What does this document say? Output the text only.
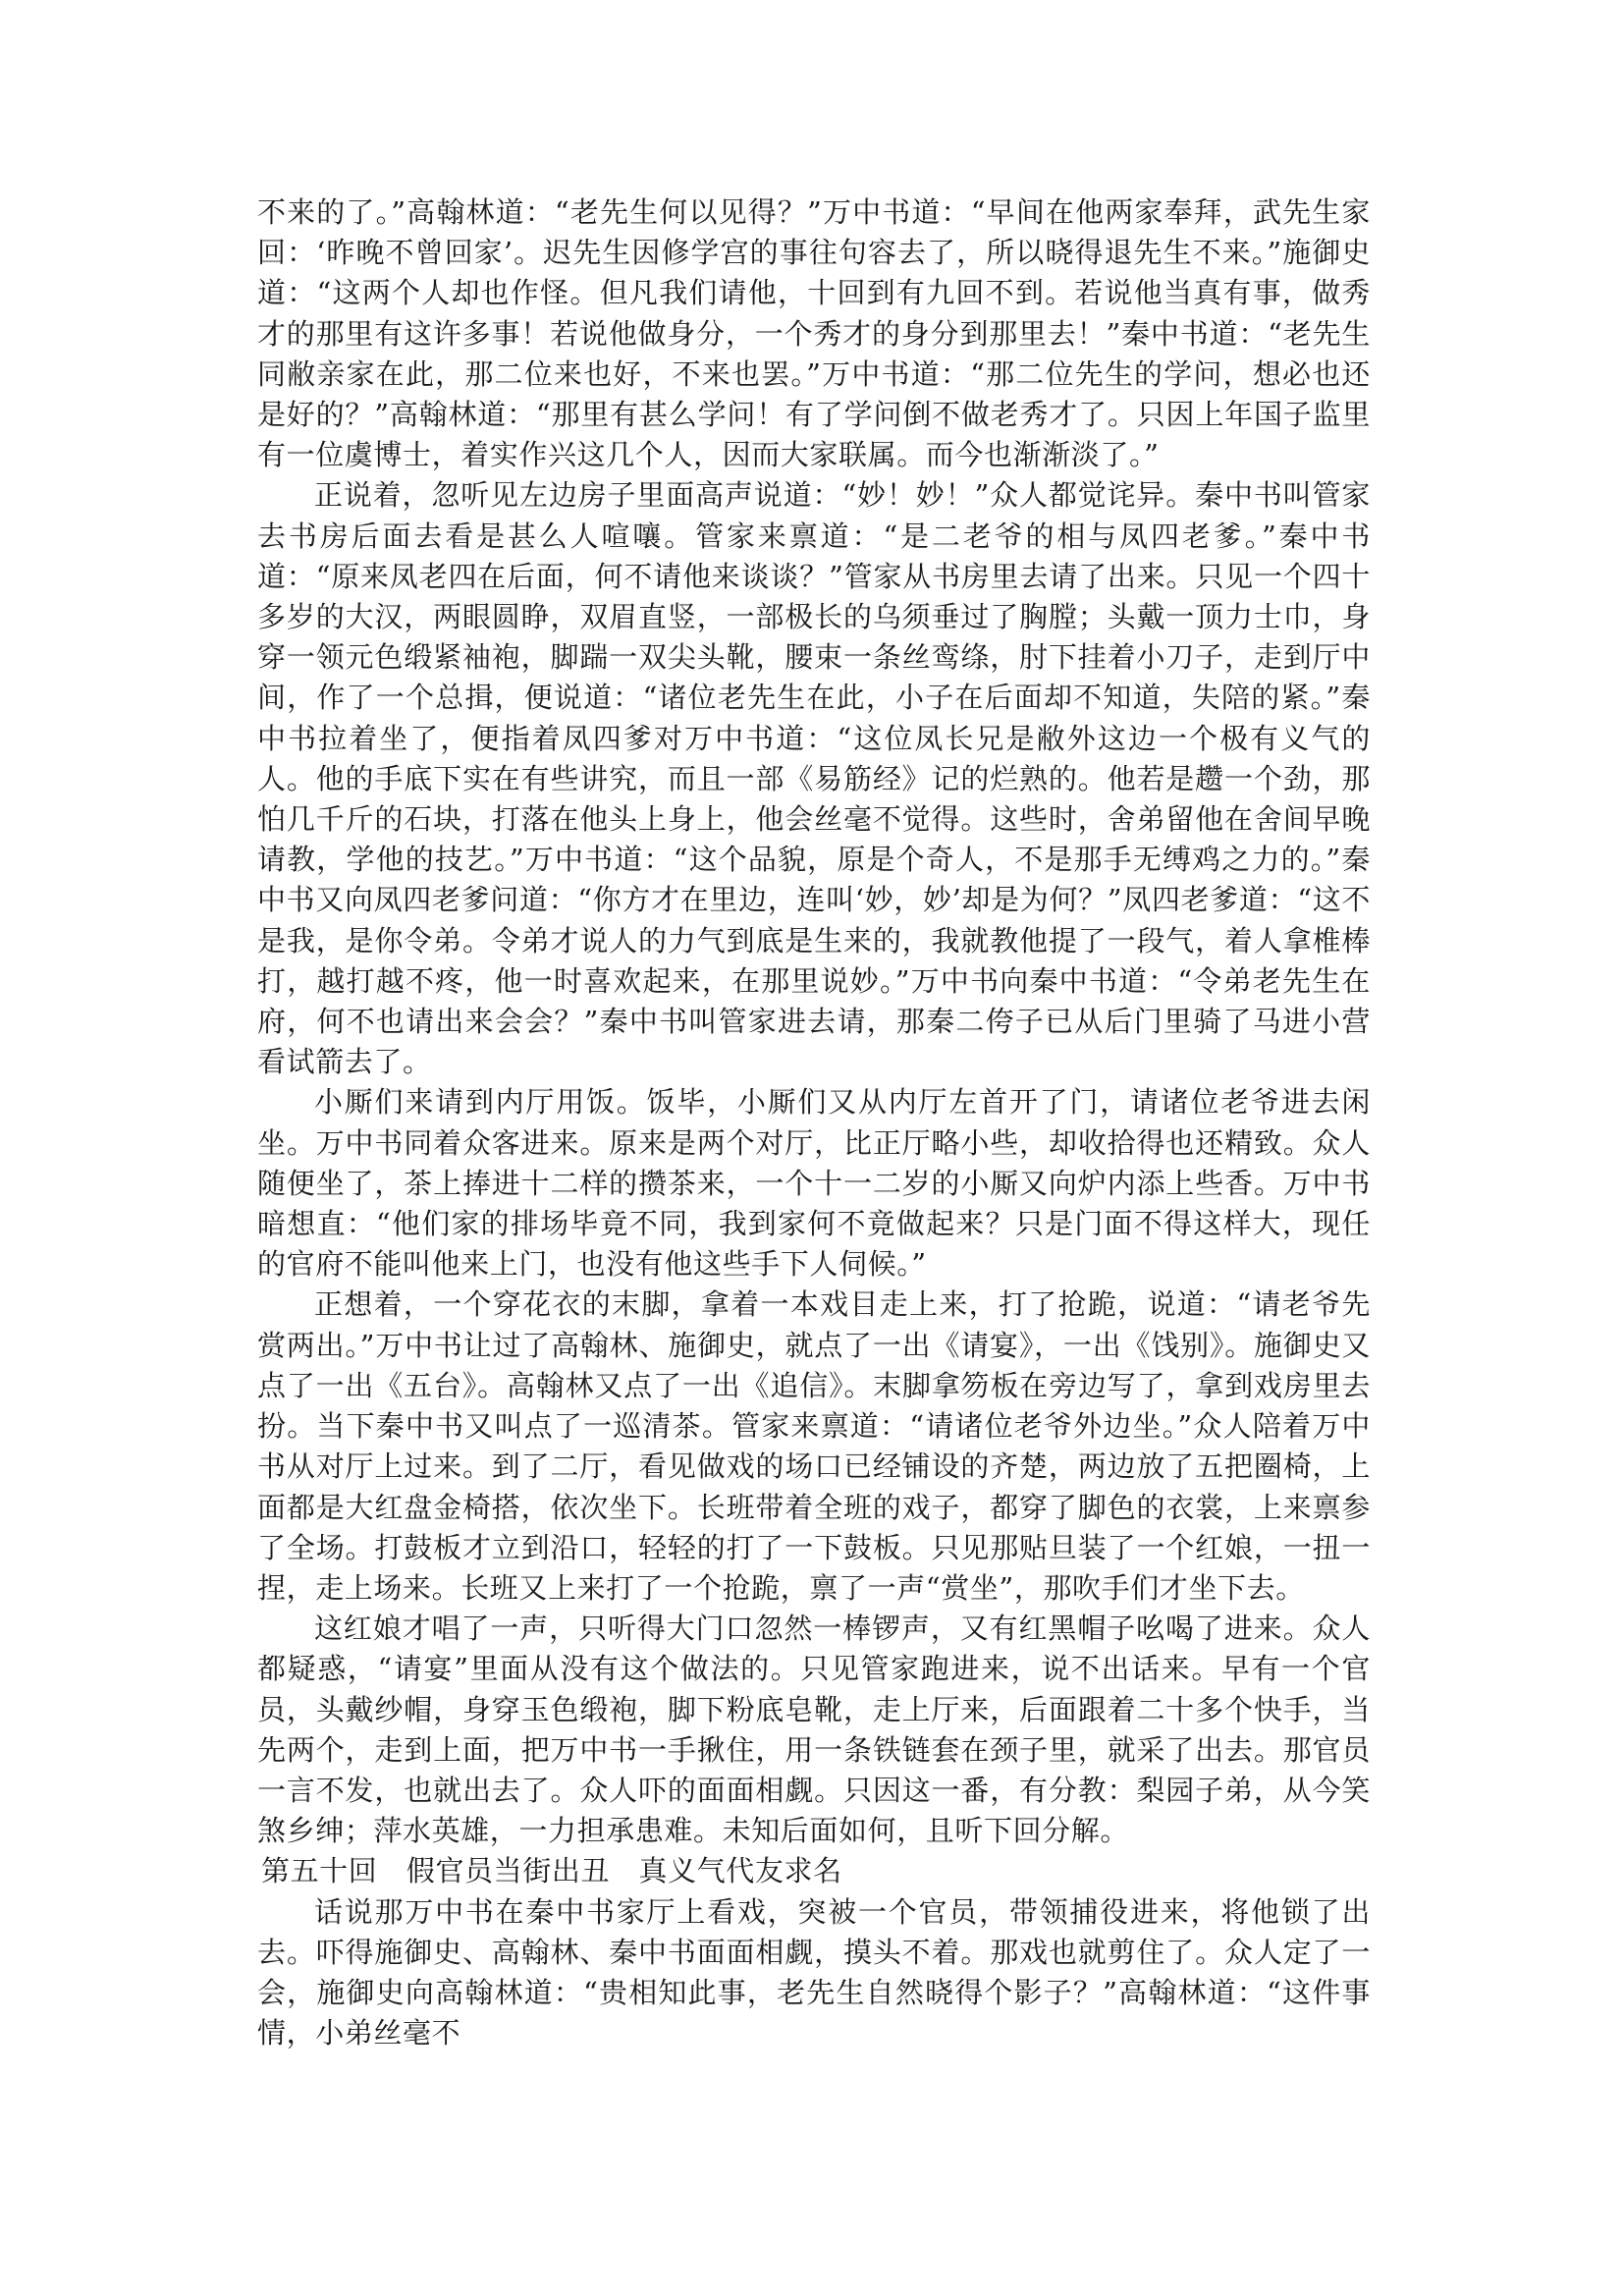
不来的了。”高翰林道：“老先生何以见得？”万中书道：“早间在他两家奉拜，武先生家回：‘昨晚不曾回家’。迟先生因修学宫的事往句容去了，所以晓得退先生不来。”施御史道：“这两个人却也作怪。但凡我们请他，十回到有九回不到。若说他当真有事，做秀才的那里有这许多事！若说他做身分，一个秀才的身分到那里去！”秦中书道：“老先生同敝亲家在此，那二位来也好，不来也罢。”万中书道：“那二位先生的学问，想必也还是好的？”高翰林道：“那里有甚么学问！有了学问倒不做老秀才了。只因上年国子监里有一位虞博士，着实作兴这几个人，因而大家联属。而今也渐渐淡了。”

正说着，忽听见左边房子里面高声说道：“妙！妙！”众人都觉诧异。秦中书叫管家去书房后面去看是甚么人喧嚷。管家来禀道：“是二老爷的相与凤四老爹。”秦中书道：“原来凤老四在后面，何不请他来谈谈？”管家从书房里去请了出来。只见一个四十多岁的大汉，两眼圆睁，双眉直竖，一部极长的乌须垂过了胸膛；头戴一顶力士巾，身穿一领元色缎紧袖袍，脚踹一双尖头靴，腰束一条丝鸾绦，肘下挂着小刀子，走到厅中间，作了一个总揖，便说道：“诸位老先生在此，小子在后面却不知道，失陪的紧。”秦中书拉着坐了，便指着凤四爹对万中书道：“这位凤长兄是敝外这边一个极有义气的人。他的手底下实在有些讲究，而且一部《易筋经》记的烂熟的。他若是趱一个劲，那怕几千斤的石块，打落在他头上身上，他会丝毫不觉得。这些时，舍弟留他在舍间早晚请教，学他的技艺。”万中书道：“这个品貌，原是个奇人，不是那手无缚鸡之力的。”秦中书又向凤四老爹问道：“你方才在里边，连叫‘妙，妙’却是为何？”凤四老爹道：“这不是我，是你令弟。令弟才说人的力气到底是生来的，我就教他提了一段气，着人拿椎棒打，越打越不疼，他一时喜欢起来，在那里说妙。”万中书向秦中书道：“令弟老先生在府，何不也请出来会会？”秦中书叫管家进去请，那秦二侉子已从后门里骑了马进小营看试箭去了。

小厮们来请到内厅用饭。饭毕，小厮们又从内厅左首开了门，请诸位老爷进去闲坐。万中书同着众客进来。原来是两个对厅，比正厅略小些，却收拾得也还精致。众人随便坐了，茶上捧进十二样的攒茶来，一个十一二岁的小厮又向炉内添上些香。万中书暗想直：“他们家的排场毕竟不同，我到家何不竟做起来？只是门面不得这样大，现任的官府不能叫他来上门，也没有他这些手下人伺候。”

正想着，一个穿花衣的末脚，拿着一本戏目走上来，打了抢跪，说道：“请老爷先赏两出。”万中书让过了高翰林、施御史，就点了一出《请宴》，一出《饯别》。施御史又点了一出《五台》。高翰林又点了一出《追信》。末脚拿笏板在旁边写了，拿到戏房里去扮。当下秦中书又叫点了一巡清茶。管家来禀道：“请诸位老爷外边坐。”众人陪着万中书从对厅上过来。到了二厅，看见做戏的场口已经铺设的齐楚，两边放了五把圈椅，上面都是大红盘金椅搭，依次坐下。长班带着全班的戏子，都穿了脚色的衣裳，上来禀参了全场。打鼓板才立到沿口，轻轻的打了一下鼓板。只见那贴旦装了一个红娘，一扭一捏，走上场来。长班又上来打了一个抢跪，禀了一声“赏坐”，那吹手们才坐下去。

这红娘才唱了一声，只听得大门口忽然一棒锣声，又有红黑帽子吆喝了进来。众人都疑惑，“请宴”里面从没有这个做法的。只见管家跑进来，说不出话来。早有一个官员，头戴纱帽，身穿玉色缎袍，脚下粉底皂靴，走上厅来，后面跟着二十多个快手，当先两个，走到上面，把万中书一手揪住，用一条铁链套在颈子里，就采了出去。那官员一言不发，也就出去了。众人吓的面面相觑。只因这一番，有分教：梨园子弟，从今笑煞乡绅；萍水英雄，一力担承患难。未知后面如何，且听下回分解。

第五十回   假官员当街出丑   真义气代友求名

话说那万中书在秦中书家厅上看戏，突被一个官员，带领捕役进来，将他锁了出去。吓得施御史、高翰林、秦中书面面相觑，摸头不着。那戏也就剪住了。众人定了一会，施御史向高翰林道：“贵相知此事，老先生自然晓得个影子？”高翰林道：“这件事情，小弟丝毫不
